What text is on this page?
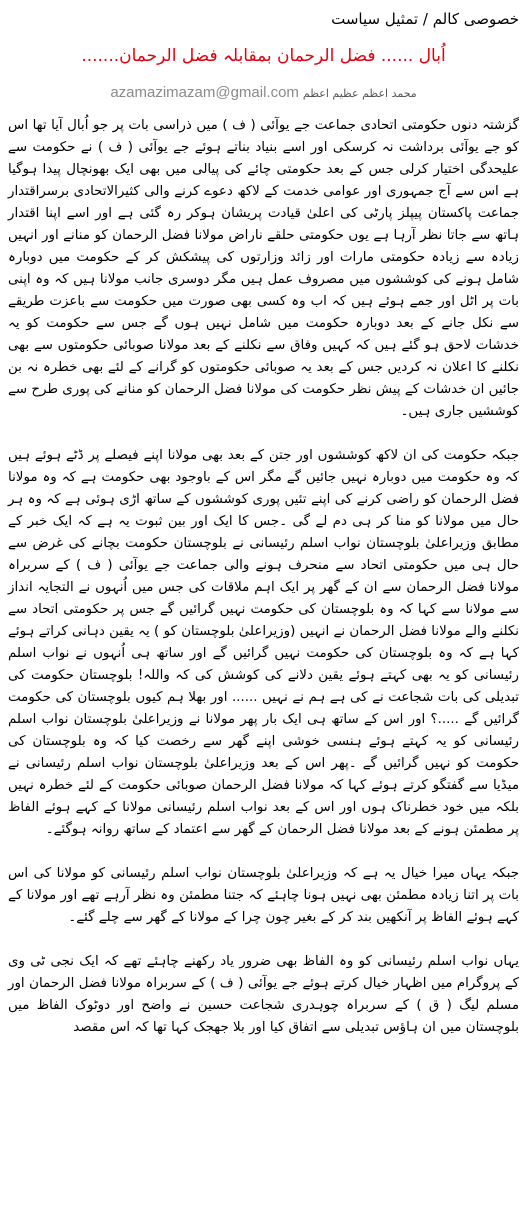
خصوصی کالم / تمثیل سیاست
اُبال ...... فضل الرحمان بمقابلہ فضل الرحمان.......
محمد اعظم عظیم اعظم
azamazimazam@gmail.com

گزشتہ دنوں حکومتی اتحادی جماعت جے یوآئی ( ف ) میں ذراسی بات پر جو اُبال آیا تھا اس کو جے یوآئی برداشت نہ کرسکی اور اسے بنیاد بناتے ہوئے جے یوآئی ( ف ) نے حکومت سے علیحدگی اختیار کرلی جس کے بعد حکومتی چائے کی پیالی میں بھی ایک بھونچال پیدا ہوگیا ہے اس سے آج جمہوری اور عوامی خدمت کے لاکھ دعوے کرنے والی کثیرالاتحادی برسراقتدار جماعت پاکستان پیپلز پارٹی کی اعلیٰ قیادت پریشان ہوکر رہ گئی ہے اور اسے اپنا اقتدار ہاتھ سے جاتا نظر آرہا ہے یوں حکومتی حلقے ناراض مولانا فضل الرحمان کو منانے اور انہیں زیادہ سے زیادہ حکومتی مارات اور زائد وزارتوں کی پیشکش کر کے حکومت میں دوبارہ شامل ہونے کی کوششوں میں مصروف عمل ہیں مگر دوسری جانب مولانا ہیں کہ وہ اپنی بات پر اٹل اور جمے ہوئے ہیں کہ اب وہ کسی بھی صورت میں حکومت سے باعزت طریقے سے نکل جانے کے بعد دوبارہ حکومت میں شامل نہیں ہوں گے جس سے حکومت کو یہ خدشات لاحق ہو گئے ہیں کہ کہیں وفاق سے نکلنے کے بعد مولانا صوبائی حکومتوں سے بھی نکلنے کا اعلان نہ کردیں جس کے بعد یہ صوبائی حکومتوں کو گرانے کے لئے بھی خطرہ نہ بن جائیں ان خدشات کے پیش نظر حکومت کی مولانا فضل الرحمان کو منانے کی پوری طرح سے کوششیں جاری ہیں۔

جبکہ حکومت کی ان لاکھ کوششوں اور جتن کے بعد بھی مولانا اپنے فیصلے پر ڈٹے ہوئے ہیں کہ وہ حکومت میں دوبارہ نہیں جائیں گے مگر اس کے باوجود بھی حکومت ہے کہ وہ مولانا فضل الرحمان کو راضی کرنے کی اپنے تئیں پوری کوششوں کے ساتھ اڑی ہوئی ہے کہ وہ ہر حال میں مولانا کو منا کر ہی دم لے گی ۔جس کا ایک اور بین ثبوت یہ ہے کہ ایک خبر کے مطابق وزیراعلیٰ بلوچستان نواب اسلم رئیسانی نے بلوچستان حکومت بچانے کی غرض سے حال ہی میں حکومتی اتحاد سے منحرف ہونے والی جماعت جے یوآئی ( ف ) کے سربراہ مولانا فضل الرحمان سے ان کے گھر پر ایک اہم ملاقات کی جس میں اُنہوں نے التجایہ انداز سے مولانا سے کہا کہ وہ بلوچستان کی حکومت نہیں گرائیں گے جس پر حکومتی اتحاد سے نکلنے والے مولانا فضل الرحمان نے انہیں (وزیراعلیٰ بلوچستان کو ) یہ یقین دہانی کراتے ہوئے کہا ہے کہ وہ بلوچستان کی حکومت نہیں گرائیں گے اور ساتھ ہی اُنہوں نے نواب اسلم رئیسانی کو یہ بھی کہتے ہوئے یقین دلانے کی کوشش کی کہ واللہ! بلوچستان حکومت کی تبدیلی کی بات شجاعت نے کی ہے ہم نے نہیں ...... اور بھلا ہم کیوں بلوچستان کی حکومت گرائیں گے .....؟ اور اس کے ساتھ ہی ایک بار پھر مولانا نے وزیراعلیٰ بلوچستان نواب اسلم رئیسانی کو یہ کہتے ہوئے ہنسی خوشی اپنے گھر سے رخصت کیا کہ وہ بلوچستان کی حکومت کو نہیں گرائیں گے ۔پھر اس کے بعد وزیراعلیٰ بلوچستان نواب اسلم رئیسانی نے میڈیا سے گفتگو کرتے ہوئے کہا کہ مولانا فضل الرحمان صوبائی حکومت کے لئے خطرہ نہیں بلکہ میں خود خطرناک ہوں اور اس کے بعد نواب اسلم رئیسانی مولانا کے کہے ہوئے الفاظ پر مطمئن ہونے کے بعد مولانا فضل الرحمان کے گھر سے اعتماد کے ساتھ روانہ ہوگئے۔

جبکہ یہاں میرا خیال یہ ہے کہ وزیراعلیٰ بلوچستان نواب اسلم رئیسانی کو مولانا کی اس بات پر اتنا زیادہ مطمئن بھی نہیں ہونا چاہئے کہ جتنا مطمئن وہ نظر آرہے تھے اور مولانا کے کہے ہوئے الفاظ پر آنکھیں بند کر کے بغیر چون چرا کے مولانا کے گھر سے چلے گئے۔

یہاں نواب اسلم رئیسانی کو وہ الفاظ بھی ضرور یاد رکھنے چاہئے تھے کہ ایک نجی ٹی وی کے پروگرام میں اظہار خیال کرتے ہوئے جے یوآئی ( ف ) کے سربراہ مولانا فضل الرحمان اور مسلم لیگ ( ق ) کے سربراہ چوہدری شجاعت حسین نے واضح اور دوٹوک الفاظ میں بلوچستان میں ان ہاؤس تبدیلی سے اتفاق کیا اور بلا جھجک کہا تھا کہ اس مقصد
